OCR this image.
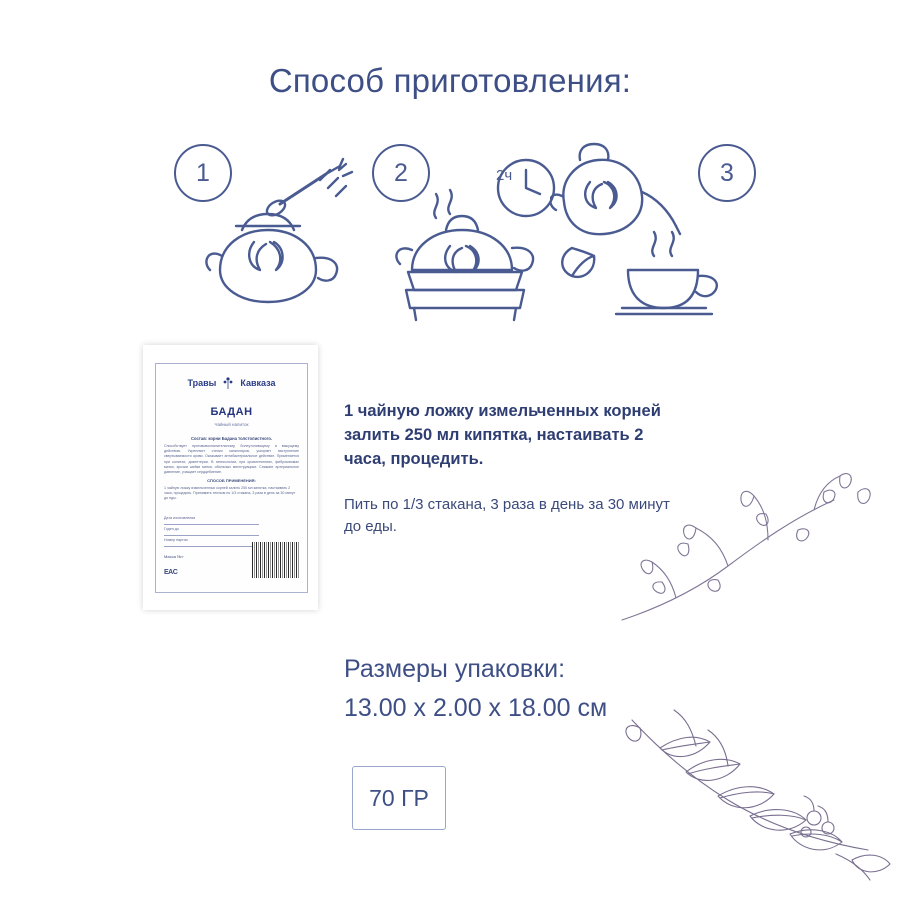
Способ приготовления:
1	2	2ч	3
Травы	Кавказа
БАДАН
Чайный напиток
Состав: корни Бадана толстолистного.
Способствует противовоспалительному, болеутоляющему и вяжущему действию. Укрепляет стенки капилляров, ускоряет наступление свертываемости крови. Оказывает антибактериальное действие. Применяется при колитах, дизентерии. В гинекологии, при кровотечениях, фибромиомах матки, эрозии шейки матки, обильных менструациях. Снижает артериальное давление, учащает сердцебиение.
СПОСОБ ПРИМЕНЕНИЯ:
1 чайную ложку измельченных корней залить 250 мл кипятка, настаивать 2 часа, процедить. Принимать теплым по 1/3 стакана, 3 раза в день за 30 минут до еды.
Дата изготовления
Годен до
Номер партии
Масса № г
ЕAC
1 чайную ложку измельченных корней залить 250 мл кипятка, настаивать 2 часа, процедить.
Пить по 1/3 стакана, 3 раза в день за 30 минут до еды.
Размеры упаковки:
13.00 x 2.00 x 18.00 см
70 ГР
